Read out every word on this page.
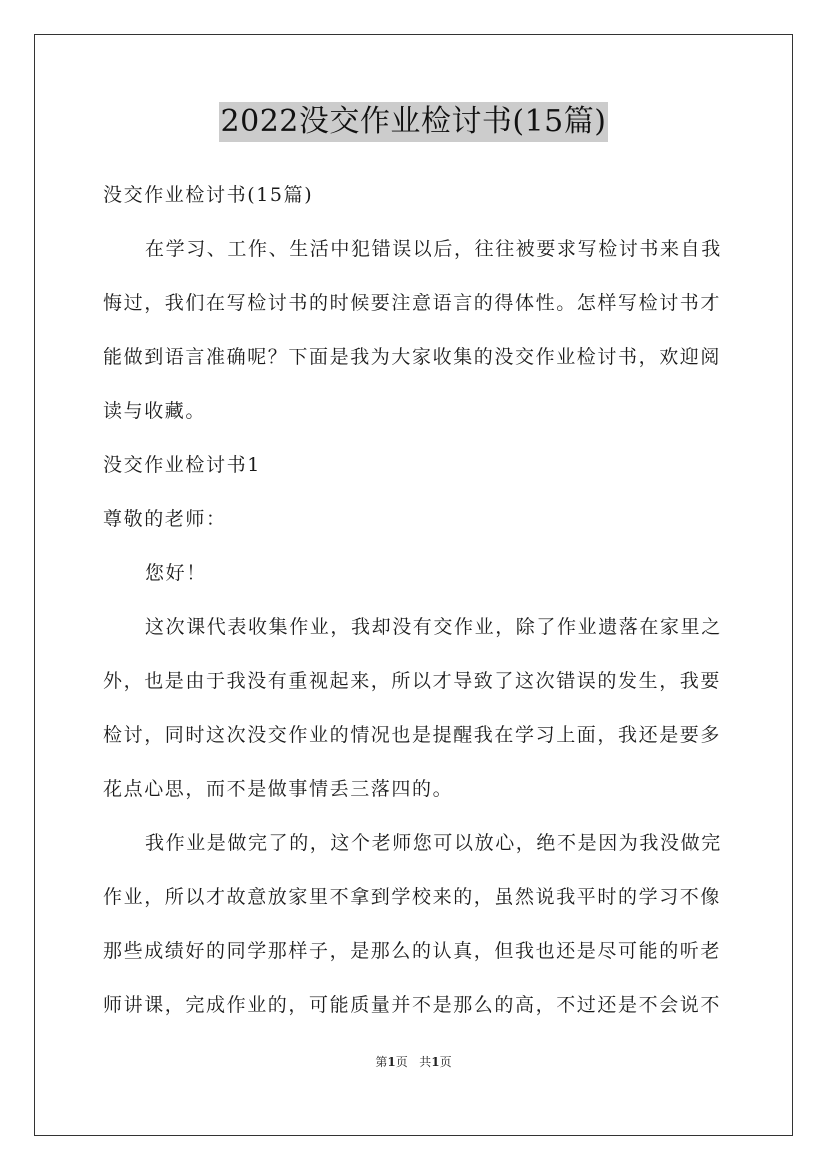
2022没交作业检讨书(15篇)
没交作业检讨书(15篇)
在学习、工作、生活中犯错误以后，往往被要求写检讨书来自我
悔过，我们在写检讨书的时候要注意语言的得体性。怎样写检讨书才
能做到语言准确呢？下面是我为大家收集的没交作业检讨书，欢迎阅
读与收藏。
没交作业检讨书1
尊敬的老师：
您好！
这次课代表收集作业，我却没有交作业，除了作业遗落在家里之
外，也是由于我没有重视起来，所以才导致了这次错误的发生，我要
检讨，同时这次没交作业的情况也是提醒我在学习上面，我还是要多
花点心思，而不是做事情丢三落四的。
我作业是做完了的，这个老师您可以放心，绝不是因为我没做完
作业，所以才故意放家里不拿到学校来的，虽然说我平时的学习不像
那些成绩好的同学那样子，是那么的认真，但我也还是尽可能的听老
师讲课，完成作业的，可能质量并不是那么的高，不过还是不会说不
第1页 共1页
